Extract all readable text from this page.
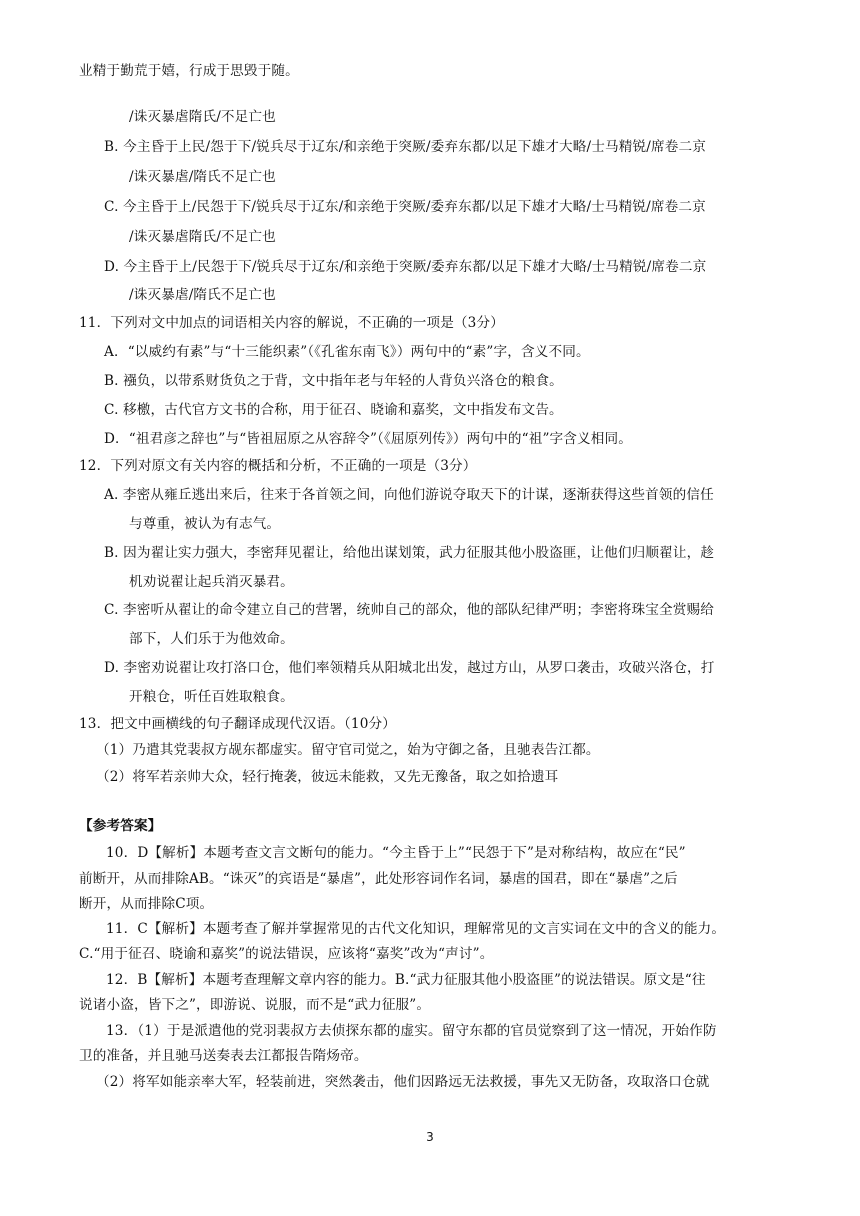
业精于勤荒于嬉，行成于思毁于随。

/诛灭暴虐隋氏/不足亡也

B. 今主昏于上民/怨于下/锐兵尽于辽东/和亲绝于突厥/委弃东都/以足下雄才大略/士马精锐/席卷二京

/诛灭暴虐/隋氏不足亡也

C. 今主昏于上/民怨于下/锐兵尽于辽东/和亲绝于突厥/委弃东都/以足下雄才大略/士马精锐/席卷二京

/诛灭暴虐隋氏/不足亡也

D. 今主昏于上/民怨于下/锐兵尽于辽东/和亲绝于突厥/委弃东都/以足下雄才大略/士马精锐/席卷二京

/诛灭暴虐/隋氏不足亡也

11．下列对文中加点的词语相关内容的解说，不正确的一项是（3分）

A．“以威约有素”与“十三能织素”（《孔雀东南飞》）两句中的“素”字，含义不同。

B. 襁负，以带系财货负之于背，文中指年老与年轻的人背负兴洛仓的粮食。

C. 移檄，古代官方文书的合称，用于征召、晓谕和嘉奖，文中指发布文告。

D．“祖君彦之辞也”与“皆祖屈原之从容辞令”（《屈原列传》）两句中的“祖”字含义相同。

12．下列对原文有关内容的概括和分析，不正确的一项是（3分）

A. 李密从雍丘逃出来后，往来于各首领之间，向他们游说夺取天下的计谋，逐渐获得这些首领的信任

与尊重，被认为有志气。

B. 因为翟让实力强大，李密拜见翟让，给他出谋划策，武力征服其他小股盗匪，让他们归顺翟让，趁

机劝说翟让起兵消灭暴君。

C. 李密听从翟让的命令建立自己的营署，统帅自己的部众，他的部队纪律严明；李密将珠宝全赏赐给

部下，人们乐于为他效命。

D. 李密劝说翟让攻打洛口仓，他们率领精兵从阳城北出发，越过方山，从罗口袭击，攻破兴洛仓，打

开粮仓，听任百姓取粮食。

13．把文中画横线的句子翻译成现代汉语。（10分）

（1）乃遣其党裴叔方觇东都虚实。留守官司觉之，始为守御之备，且驰表告江都。

（2）将军若亲帅大众，轻行掩袭，彼远未能救，又先无豫备，取之如拾遗耳

【参考答案】

10．D【解析】本题考查文言文断句的能力。“今主昏于上”“民怨于下”是对称结构，故应在“民”

前断开，从而排除AB。“诛灭”的宾语是“暴虐”，此处形容词作名词，暴虐的国君，即在“暴虐”之后

断开，从而排除C项。

11．C【解析】本题考查了解并掌握常见的古代文化知识，理解常见的文言实词在文中的含义的能力。

C.“用于征召、晓谕和嘉奖”的说法错误，应该将“嘉奖”改为“声讨”。

12．B【解析】本题考查理解文章内容的能力。B.“武力征服其他小股盗匪”的说法错误。原文是“往

说诸小盗，皆下之”，即游说、说服，而不是“武力征服”。

13．（1）于是派遣他的党羽裴叔方去侦探东都的虚实。留守东都的官员觉察到了这一情况，开始作防

卫的准备，并且驰马送奏表去江都报告隋炀帝。

（2）将军如能亲率大军，轻装前进，突然袭击，他们因路远无法救援，事先又无防备，攻取洛口仓就

3
